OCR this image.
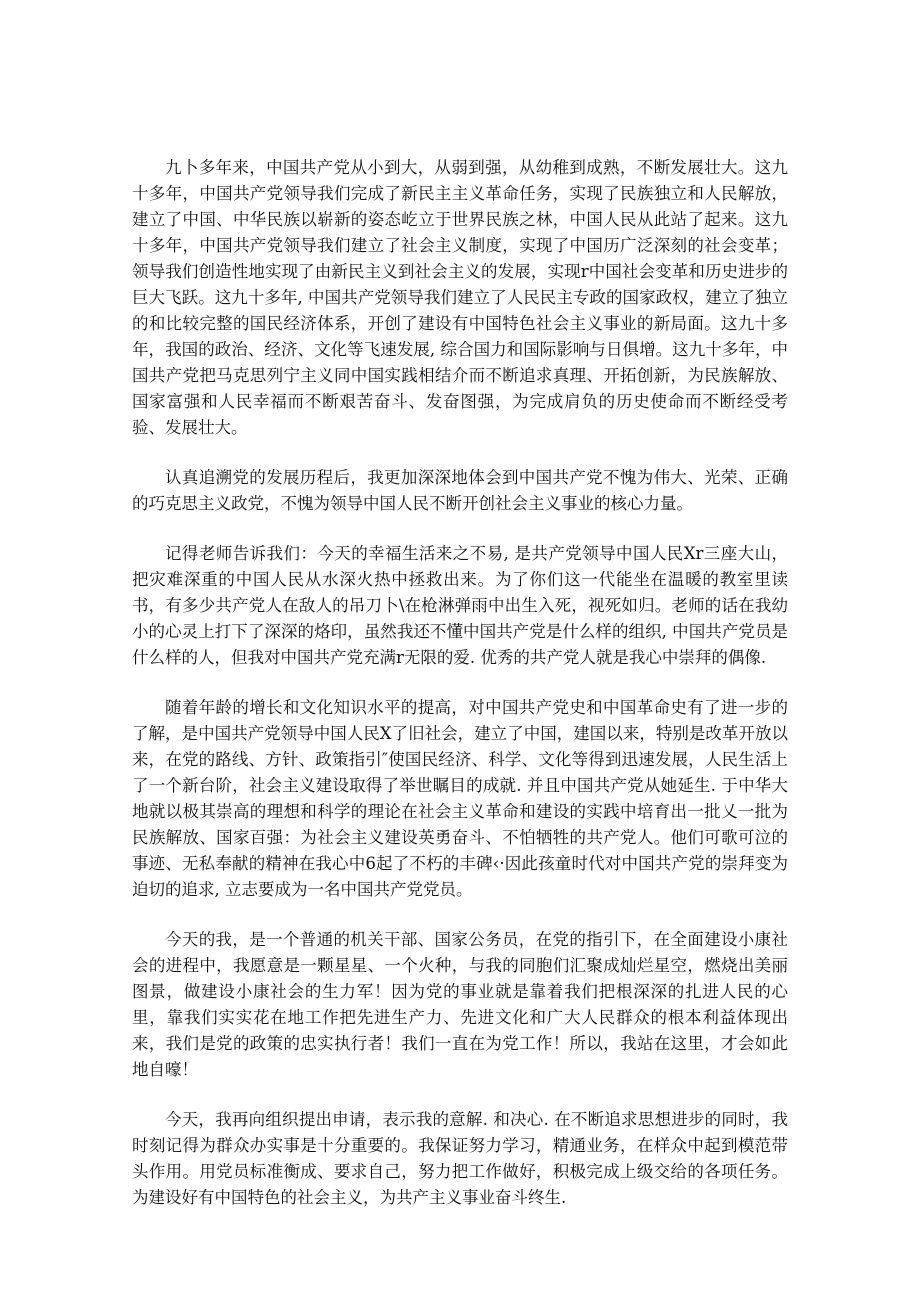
九卜多年来，中国共产党从小到大，从弱到强，从幼稚到成熟，不断发展壮大。这九十多年，中国共产党领导我们完成了新民主主义革命任务，实现了民族独立和人民解放，建立了中国、中华民族以崭新的姿态屹立于世界民族之林，中国人民从此站了起来。这九十多年，中国共产党领导我们建立了社会主义制度，实现了中国历广泛深刻的社会变革；领导我们创造性地实现了由新民主义到社会主义的发展，实现r中国社会变革和历史进步的巨大飞跃。这九十多年, 中国共产党领导我们建立了人民民主专政的国家政权，建立了独立的和比较完整的国民经济体系，开创了建设有中国特色社会主义事业的新局面。这九十多年，我国的政治、经济、文化等飞速发展, 综合国力和国际影响与日俱增。这九十多年，中国共产党把马克思列宁主义同中国实践相结介而不断追求真理、开拓创新，为民族解放、国家富强和人民幸福而不断艰苦奋斗、发奋图强，为完成肩负的历史使命而不断经受考验、发展壮大。

认真追溯党的发展历程后，我更加深深地体会到中国共产党不愧为伟大、光荣、正确的巧克思主义政党，不愧为领导中国人民不断开创社会主义事业的核心力量。

记得老师告诉我们：今天的幸福生活来之不易, 是共产党领导中国人民Xr三座大山，把灾难深重的中国人民从水深火热中拯救出来。为了你们这一代能坐在温暖的教室里读书，有多少共产党人在敌人的吊刀卜\在枪淋弹雨中出生入死，视死如归。老师的话在我幼小的心灵上打下了深深的烙印，虽然我还不懂中国共产党是什么样的组织, 中国共产党员是什么样的人，但我对中国共产党充满r无限的爱. 优秀的共产党人就是我心中崇拜的偶像.

随着年龄的增长和文化知识水平的提高，对中国共产党史和中国革命史有了进一步的了解，是中国共产党领导中国人民X了旧社会，建立了中国，建国以来，特别是改革开放以来，在党的路线、方针、政策指引″使国民经济、科学、文化等得到迅速发展，人民生活上了一个新台阶，社会主义建设取得了举世瞩目的成就. 并且中国共产党从她延生. 于中华大地就以极其崇高的理想和科学的理论在社会主义革命和建设的实践中培育出一批乂一批为民族解放、国家百强：为社会主义建设英勇奋斗、不怕牺牲的共产党人。他们可歌可泣的事迹、无私奉献的精神在我心中6起了不朽的丰碑‹·因此孩童时代对中国共产党的崇拜变为迫切的追求, 立志要成为一名中国共产党党员。

今天的我，是一个普通的机关干部、国家公务员，在党的指引下，在全面建设小康社会的进程中，我愿意是一颗星星、一个火种，与我的同胞们汇聚成灿烂星空，燃烧出美丽图景，做建设小康社会的生力军！因为党的事业就是靠着我们把根深深的扎进人民的心里，靠我们实实花在地工作把先进生产力、先进文化和广大人民群众的根本利益体现出来，我们是党的政策的忠实执行者！我们一直在为党工作！所以，我站在这里，才会如此地自嚎！

今天，我再向组织提出申请，表示我的意解. 和决心. 在不断追求思想进步的同时，我时刻记得为群众办实事是十分重要的。我保证努力学习，精通业务，在样众中起到模范带头作用。用党员标准衡成、要求自己，努力把工作做好，积极完成上级交给的各项任务。为建设好有中国特色的社会主义，为共产主义事业奋斗终生.
